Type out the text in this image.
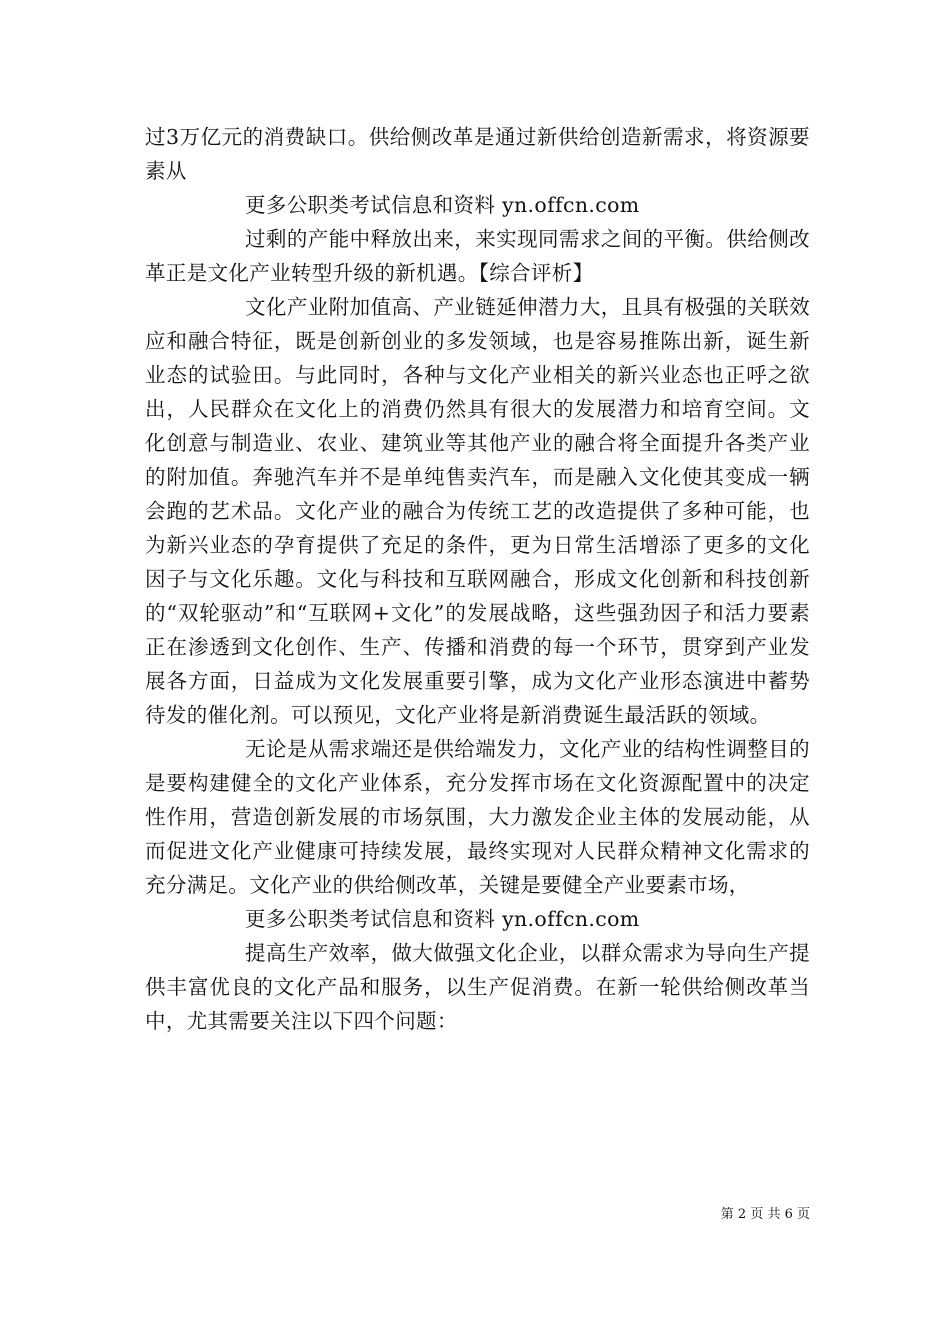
过3万亿元的消费缺口。供给侧改革是通过新供给创造新需求，将资源要素从

更多公职类考试信息和资料 yn.offcn.com

过剩的产能中释放出来，来实现同需求之间的平衡。供给侧改革正是文化产业转型升级的新机遇。【综合评析】

文化产业附加值高、产业链延伸潜力大，且具有极强的关联效应和融合特征，既是创新创业的多发领域，也是容易推陈出新，诞生新业态的试验田。与此同时，各种与文化产业相关的新兴业态也正呼之欲出，人民群众在文化上的消费仍然具有很大的发展潜力和培育空间。文化创意与制造业、农业、建筑业等其他产业的融合将全面提升各类产业的附加值。奔驰汽车并不是单纯售卖汽车，而是融入文化使其变成一辆会跑的艺术品。文化产业的融合为传统工艺的改造提供了多种可能，也为新兴业态的孕育提供了充足的条件，更为日常生活增添了更多的文化因子与文化乐趣。文化与科技和互联网融合，形成文化创新和科技创新的“双轮驱动”和“互联网+文化”的发展战略，这些强劲因子和活力要素正在渗透到文化创作、生产、传播和消费的每一个环节，贯穿到产业发展各方面，日益成为文化发展重要引擎，成为文化产业形态演进中蓄势待发的催化剂。可以预见，文化产业将是新消费诞生最活跃的领域。

无论是从需求端还是供给端发力，文化产业的结构性调整目的是要构建健全的文化产业体系，充分发挥市场在文化资源配置中的决定性作用，营造创新发展的市场氛围，大力激发企业主体的发展动能，从而促进文化产业健康可持续发展，最终实现对人民群众精神文化需求的充分满足。文化产业的供给侧改革，关键是要健全产业要素市场，

更多公职类考试信息和资料 yn.offcn.com

提高生产效率，做大做强文化企业，以群众需求为导向生产提供丰富优良的文化产品和服务，以生产促消费。在新一轮供给侧改革当中，尤其需要关注以下四个问题：

第 2 页 共 6 页
